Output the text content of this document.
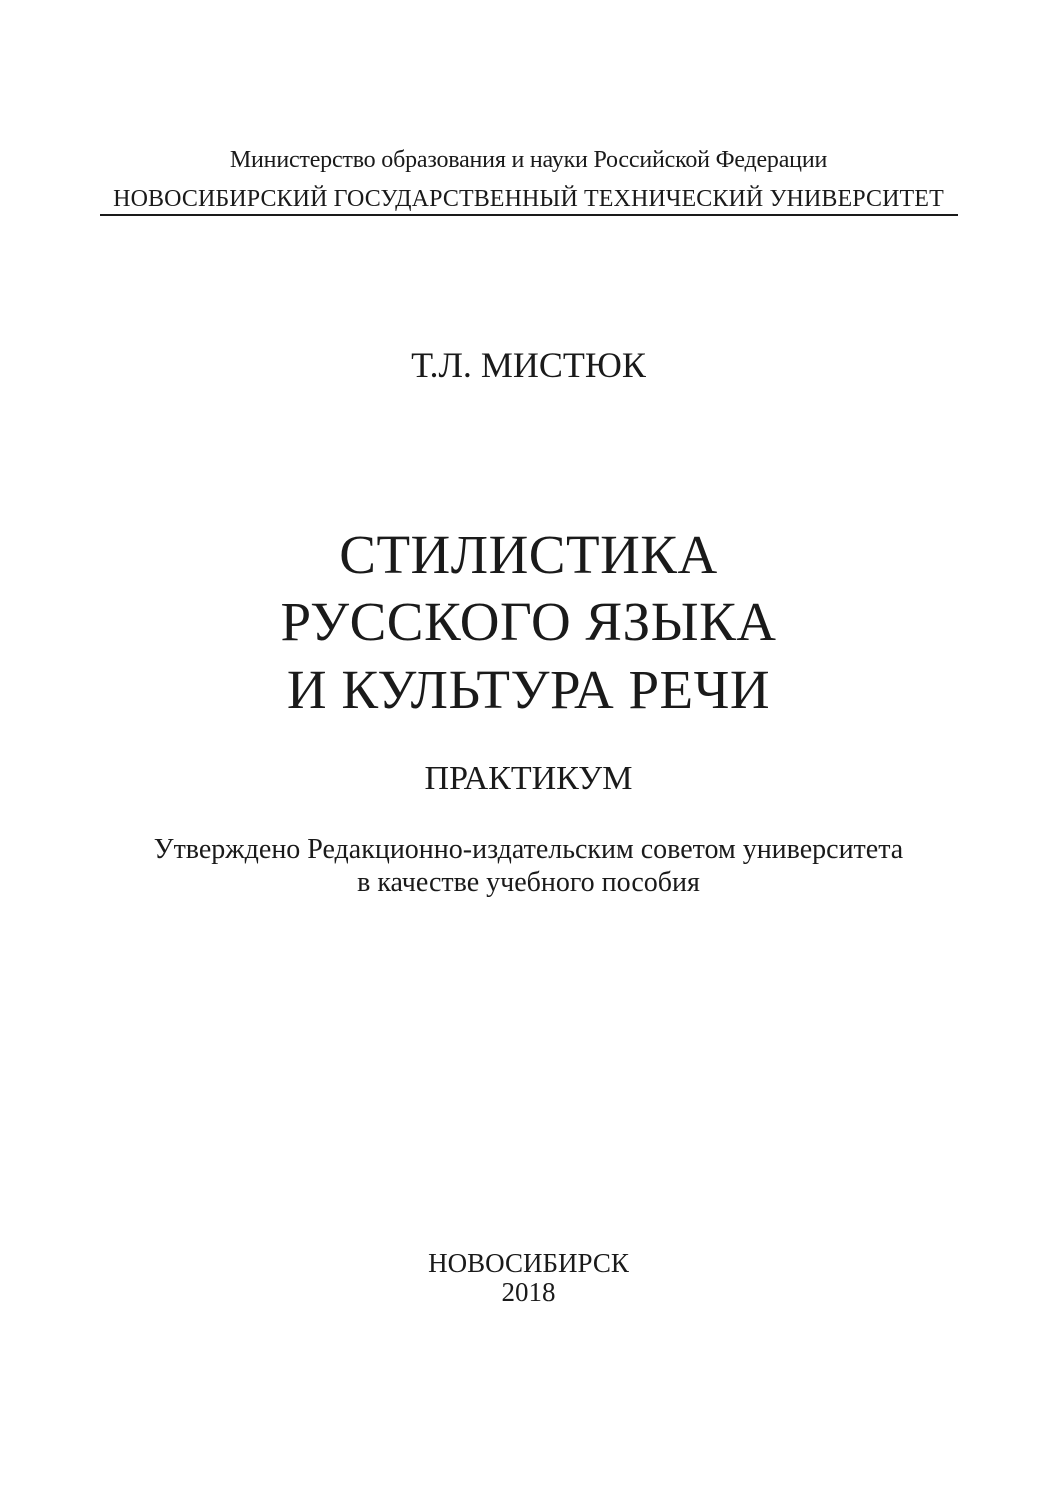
Министерство образования и науки Российской Федерации
НОВОСИБИРСКИЙ ГОСУДАРСТВЕННЫЙ ТЕХНИЧЕСКИЙ УНИВЕРСИТЕТ
Т.Л. МИСТЮК
СТИЛИСТИКА
РУССКОГО ЯЗЫКА
И КУЛЬТУРА РЕЧИ
ПРАКТИКУМ
Утверждено Редакционно-издательским советом университета
в качестве учебного пособия
НОВОСИБИРСК
2018
